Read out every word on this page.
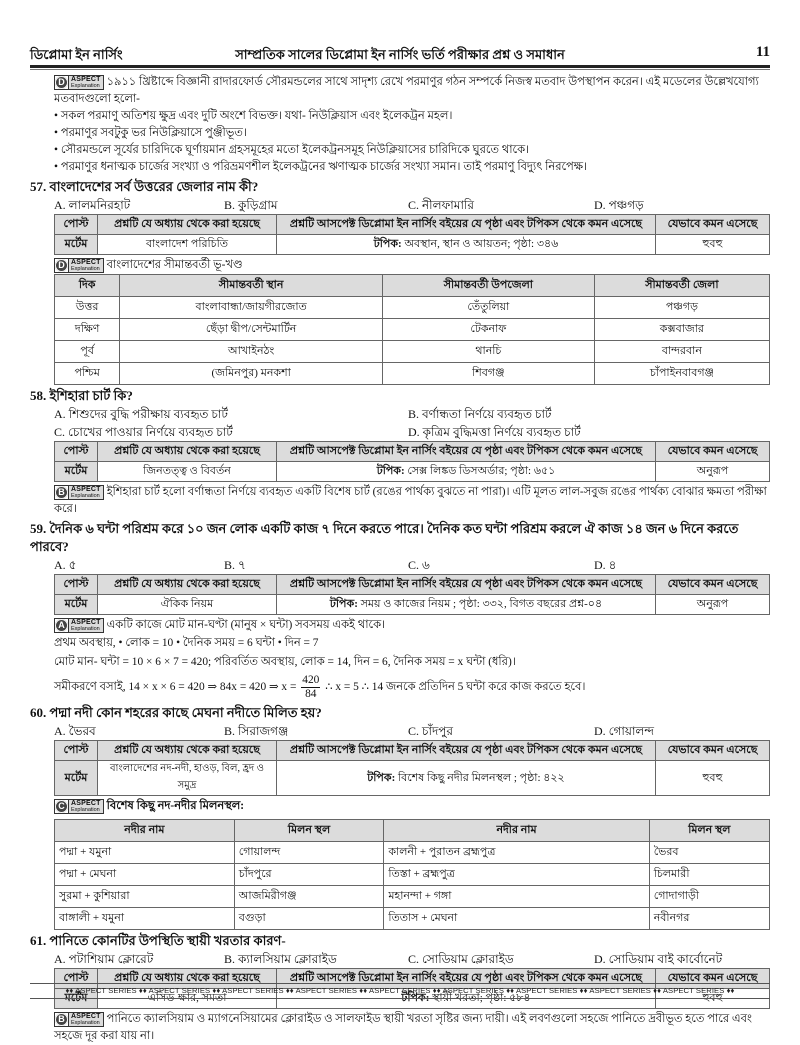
ডিপ্লোমা ইন নার্সিং	সাম্প্রতিক সালের ডিপ্লোমা ইন নার্সিং ভর্তি পরীক্ষার প্রশ্ন ও সমাধান	11
D ASPECT
Explanation ১৯১১ খ্রিষ্টাব্দে বিজ্ঞানী রাদারফোর্ড সৌরমন্ডলের সাথে সাদৃশ্য রেখে পরমাণুর গঠন সম্পর্কে নিজস্ব মতবাদ উপস্থাপন করেন। এই মডেলের উল্লেখযোগ্য মতবাদগুলো হলো-
• সকল পরমাণু অতিশয় ক্ষুদ্র এবং দুটি অংশে বিভক্ত। যথা- নিউক্লিয়াস এবং ইলেকট্রন মহল।
• পরমাণুর সবটুকু ভর নিউক্লিয়াসে পুঞ্জীভূত।
• সৌরমন্ডলে সূর্যের চারিদিকে ঘূর্ণায়মান গ্রহসমূহের মতো ইলেকট্রনসমূহ নিউক্লিয়াসের চারিদিকে ঘুরতে থাকে।
• পরমাণুর ধনাত্মক চার্জের সংখ্যা ও পরিভ্রমণশীল ইলেকট্রনের ঋণাত্মক চার্জের সংখ্যা সমান। তাই পরমাণু বিদ্যুৎ নিরপেক্ষ।
57. বাংলাদেশের সর্ব উত্তরের জেলার নাম কী?
A. লালমনিরহাট	B. কুড়িগ্রাম	C. নীলফামারি	D. পঞ্চগড়
পোস্ট	প্রশ্নটি যে অধ্যায় থেকে করা হয়েছে	প্রশ্নটি আসপেক্ট ডিপ্লোমা ইন নার্সিং বইয়ের যে পৃষ্ঠা এবং টপিকস থেকে কমন এসেছে	যেভাবে কমন এসেছে
মর্টেম	বাংলাদেশ পরিচিতি	টপিক: অবস্থান, স্থান ও আয়তন; পৃষ্ঠা: ৩৪৬	হুবহু
D ASPECT
Explanation বাংলাদেশের সীমান্তবর্তী ভূ-খণ্ড
দিক	সীমান্তবর্তী স্থান	সীমান্তবর্তী উপজেলা	সীমান্তবর্তী জেলা
উত্তর	বাংলাবান্ধা/জায়গীরজোত	তেঁতুলিয়া	পঞ্চগড়
দক্ষিণ	ছেঁড়া দ্বীপ/সেন্টমার্টিন	টেকনাফ	কক্সবাজার
পূর্ব	আখাইনঠং	থানচি	বান্দরবান
পশ্চিম	(জমিনপুর) মনকশা	শিবগঞ্জ	চাঁপাইনবাবগঞ্জ
58. ইশিহারা চার্ট কি?
A. শিশুদের বুদ্ধি পরীক্ষায় ব্যবহৃত চার্ট	B. বর্ণান্ধতা নির্ণয়ে ব্যবহৃত চার্ট
C. চোখের পাওয়ার নির্ণয়ে ব্যবহৃত চার্ট	D. কৃত্রিম বুদ্ধিমত্তা নির্ণয়ে ব্যবহৃত চার্ট
পোস্ট	প্রশ্নটি যে অধ্যায় থেকে করা হয়েছে	প্রশ্নটি আসপেক্ট ডিপ্লোমা ইন নার্সিং বইয়ের যে পৃষ্ঠা এবং টপিকস থেকে কমন এসেছে	যেভাবে কমন এসেছে
মর্টেম	জিনতত্ত্ব ও বিবর্তন	টপিক: সেক্স লিঙ্কড ডিসঅর্ডার; পৃষ্ঠা: ৬৫১	অনুরূপ
B ASPECT
Explanation ইশিহারা চার্ট হলো বর্ণান্ধতা নির্ণয়ে ব্যবহৃত একটি বিশেষ চার্ট (রঙের পার্থক্য বুঝতে না পারা)। এটি মূলত লাল-সবুজ রঙের পার্থক্য বোঝার ক্ষমতা পরীক্ষা করে।
59. দৈনিক ৬ ঘন্টা পরিশ্রম করে ১০ জন লোক একটি কাজ ৭ দিনে করতে পারে। দৈনিক কত ঘন্টা পরিশ্রম করলে ঐ কাজ ১৪ জন ৬ দিনে করতে পারবে?
A. ৫	B. ৭	C. ৬	D. ৪
পোস্ট	প্রশ্নটি যে অধ্যায় থেকে করা হয়েছে	প্রশ্নটি আসপেক্ট ডিপ্লোমা ইন নার্সিং বইয়ের যে পৃষ্ঠা এবং টপিকস থেকে কমন এসেছে	যেভাবে কমন এসেছে
মর্টেম	ঐকিক নিয়ম	টপিক: সময় ও কাজের নিয়ম ; পৃষ্ঠা: ৩৩২, বিগত বছরের প্রশ্ন-০৪	অনুরূপ
A ASPECT
Explanation একটি কাজে মোট মান-ঘণ্টা (মানুষ × ঘন্টা) সবসময় একই থাকে।
প্রথম অবস্থায়, • লোক = 10 • দৈনিক সময় = 6 ঘন্টা • দিন = 7
মোট মান- ঘন্টা = 10 × 6 × 7 = 420; পরিবর্তিত অবস্থায়, লোক = 14, দিন = 6, দৈনিক সময় = x ঘন্টা (ধরি)।
সমীকরণে বসাই, 14 × x × 6 = 420 ⇒ 84x = 420 ⇒ $x = \frac{420}{84}$ ∴ x = 5 ∴ 14 জনকে প্রতিদিন 5 ঘন্টা করে কাজ করতে হবে।
60. পদ্মা নদী কোন শহরের কাছে মেঘনা নদীতে মিলিত হয়?
A. ভৈরব	B. সিরাজগঞ্জ	C. চাঁদপুর	D. গোয়ালন্দ
পোস্ট	প্রশ্নটি যে অধ্যায় থেকে করা হয়েছে	প্রশ্নটি আসপেক্ট ডিপ্লোমা ইন নার্সিং বইয়ের যে পৃষ্ঠা এবং টপিকস থেকে কমন এসেছে	যেভাবে কমন এসেছে
মর্টেম	বাংলাদেশের নদ-নদী, হাওড়, বিল, হ্রদ ও সমুদ্র	টপিক: বিশেষ কিছু নদীর মিলনস্থল ; পৃষ্ঠা: ৪২২	হুবহু
C ASPECT
Explanation বিশেষ কিছু নদ-নদীর মিলনস্থল:
নদীর নাম	মিলন স্থল	নদীর নাম	মিলন স্থল
পদ্মা + যমুনা	গোয়ালন্দ	কালনী + পুরাতন ব্রহ্মপুত্র	ভৈরব
পদ্মা + মেঘনা	চাঁদপুরে	তিস্তা + ব্রহ্মপুত্র	চিলমারী
সুরমা + কুশিয়ারা	আজমিরীগঞ্জ	মহানন্দা + গঙ্গা	গোদাগাড়ী
বাঙ্গালী + যমুনা	বগুড়া	তিতাস + মেঘনা	নবীনগর
61. পানিতে কোনটির উপস্থিতি স্থায়ী খরতার কারণ-
A. পটাশিয়াম ক্লোরেট	B. ক্যালসিয়াম ক্লোরাইড	C. সোডিয়াম ক্লোরাইড	D. সোডিয়াম বাই কার্বোনেট
পোস্ট	প্রশ্নটি যে অধ্যায় থেকে করা হয়েছে	প্রশ্নটি আসপেক্ট ডিপ্লোমা ইন নার্সিং বইয়ের যে পৃষ্ঠা এবং টপিকস থেকে কমন এসেছে	যেভাবে কমন এসেছে
মর্টেম	এসিড-ক্ষার, সমতা	টপিক: স্থায়ী খরতা; পৃষ্ঠা: ৫৮৪	হুবহু
B ASPECT
Explanation পানিতে ক্যালসিয়াম ও ম্যাগনেসিয়ামের ক্লোরাইড ও সালফাইড স্থায়ী খরতা সৃষ্টির জন্য দায়ী। এই লবণগুলো সহজে পানিতে দ্রবীভূত হতে পারে এবং সহজে দূর করা যায় না।
♦♦ ASPECT SERIES ♦♦ ASPECT SERIES ♦♦ ASPECT SERIES ♦♦ ASPECT SERIES ♦♦ ASPECT SERIES ♦♦ ASPECT SERIES ♦♦ ASPECT SERIES ♦♦ ASPECT SERIES ♦♦ ASPECT SERIES ♦♦
